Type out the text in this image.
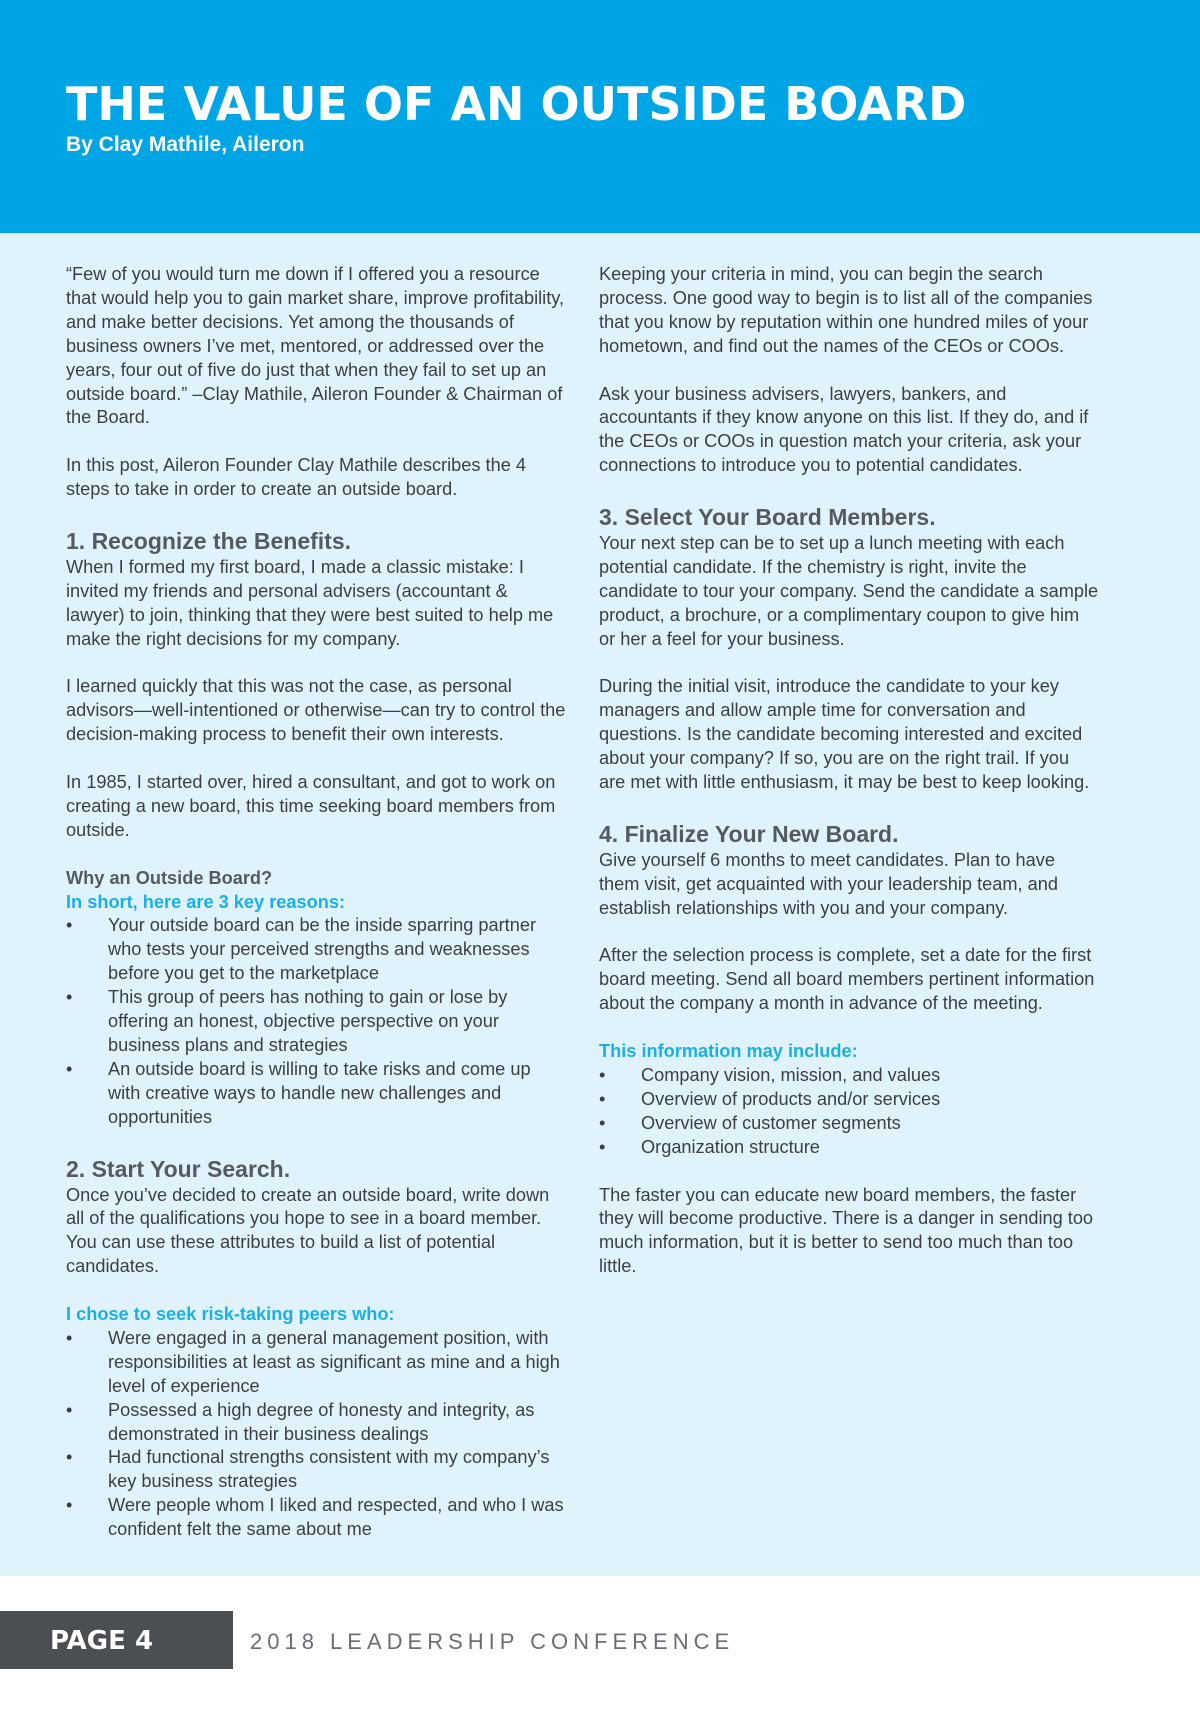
THE VALUE OF AN OUTSIDE BOARD
By Clay Mathile, Aileron

“Few of you would turn me down if I offered you a resource that would help you to gain market share, improve profitability, and make better decisions. Yet among the thousands of business owners I’ve met, mentored, or addressed over the years, four out of five do just that when they fail to set up an outside board.” –Clay Mathile, Aileron Founder & Chairman of the Board.

In this post, Aileron Founder Clay Mathile describes the 4 steps to take in order to create an outside board.

1. Recognize the Benefits.

When I formed my first board, I made a classic mistake: I invited my friends and personal advisers (accountant & lawyer) to join, thinking that they were best suited to help me make the right decisions for my company.

I learned quickly that this was not the case, as personal advisors—well-intentioned or otherwise—can try to control the decision-making process to benefit their own interests.

In 1985, I started over, hired a consultant, and got to work on creating a new board, this time seeking board members from outside.

Why an Outside Board?
In short, here are 3 key reasons:
•	Your outside board can be the inside sparring partner who tests your perceived strengths and weaknesses before you get to the marketplace
•	This group of peers has nothing to gain or lose by offering an honest, objective perspective on your business plans and strategies
•	An outside board is willing to take risks and come up with creative ways to handle new challenges and opportunities
2. Start Your Search.

Once you’ve decided to create an outside board, write down all of the qualifications you hope to see in a board member. You can use these attributes to build a list of potential candidates.

I chose to seek risk-taking peers who:
•	Were engaged in a general management position, with responsibilities at least as significant as mine and a high level of experience
•	Possessed a high degree of honesty and integrity, as demonstrated in their business dealings
•	Had functional strengths consistent with my company’s key business strategies
•	Were people whom I liked and respected, and who I was confident felt the same about me

Keeping your criteria in mind, you can begin the search process. One good way to begin is to list all of the companies that you know by reputation within one hundred miles of your hometown, and find out the names of the CEOs or COOs.

Ask your business advisers, lawyers, bankers, and accountants if they know anyone on this list. If they do, and if the CEOs or COOs in question match your criteria, ask your connections to introduce you to potential candidates.

3. Select Your Board Members.

Your next step can be to set up a lunch meeting with each potential candidate. If the chemistry is right, invite the candidate to tour your company. Send the candidate a sample product, a brochure, or a complimentary coupon to give him or her a feel for your business.

During the initial visit, introduce the candidate to your key managers and allow ample time for conversation and questions. Is the candidate becoming interested and excited about your company? If so, you are on the right trail. If you are met with little enthusiasm, it may be best to keep looking.

4. Finalize Your New Board.

Give yourself 6 months to meet candidates. Plan to have them visit, get acquainted with your leadership team, and establish relationships with you and your company.

After the selection process is complete, set a date for the first board meeting. Send all board members pertinent information about the company a month in advance of the meeting.

This information may include:
•	Company vision, mission, and values
•	Overview of products and/or services
•	Overview of customer segments
•	Organization structure

The faster you can educate new board members, the faster they will become productive. There is a danger in sending too much information, but it is better to send too much than too little.

PAGE 4	2018 LEADERSHIP CONFERENCE
